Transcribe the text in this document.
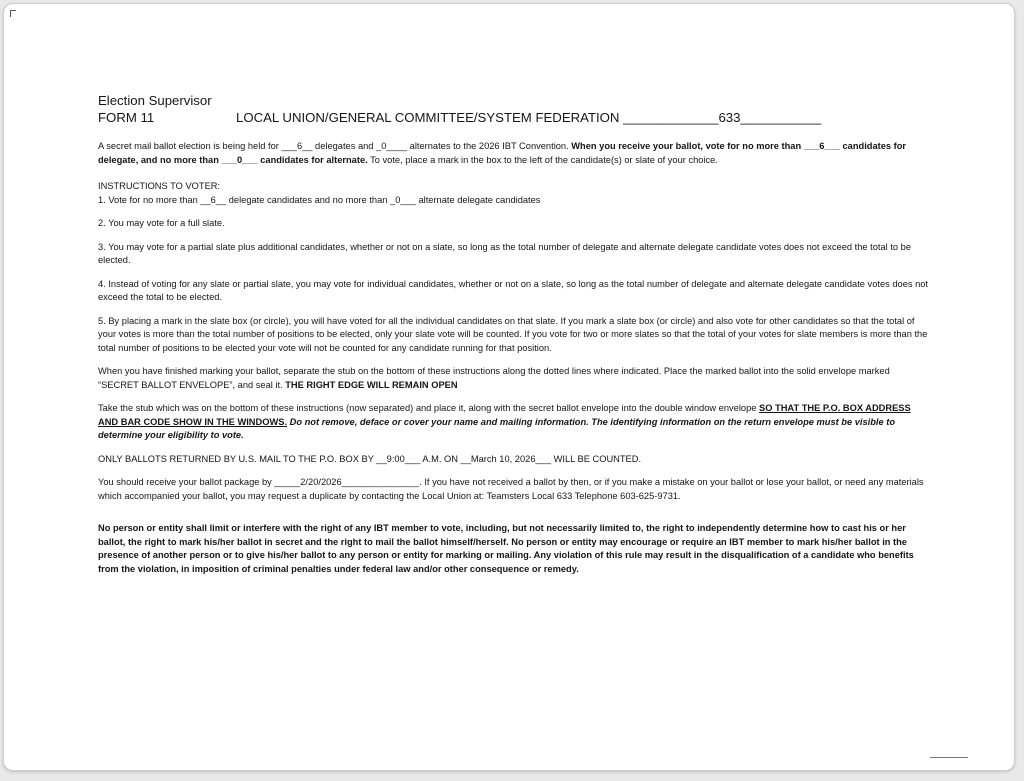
Election Supervisor
FORM 11	LOCAL UNION/GENERAL COMMITTEE/SYSTEM FEDERATION _____________633___________

A secret mail ballot election is being held for ___6__ delegates and _0____ alternates to the 2026 IBT Convention. When you receive your ballot, vote for no more than ___6___ candidates for delegate, and no more than ___0___ candidates for alternate. To vote, place a mark in the box to the left of the candidate(s) or slate of your choice.

INSTRUCTIONS TO VOTER:

1. Vote for no more than __6__ delegate candidates and no more than _0___ alternate delegate candidates

2. You may vote for a full slate.

3. You may vote for a partial slate plus additional candidates, whether or not on a slate, so long as the total number of delegate and alternate delegate candidate votes does not exceed the total to be elected.

4. Instead of voting for any slate or partial slate, you may vote for individual candidates, whether or not on a slate, so long as the total number of delegate and alternate delegate candidate votes does not exceed the total to be elected.

5. By placing a mark in the slate box (or circle), you will have voted for all the individual candidates on that slate. If you mark a slate box (or circle) and also vote for other candidates so that the total of your votes is more than the total number of positions to be elected, only your slate vote will be counted. If you vote for two or more slates so that the total of your votes for slate members is more than the total number of positions to be elected your vote will not be counted for any candidate running for that position.

When you have finished marking your ballot, separate the stub on the bottom of these instructions along the dotted lines where indicated. Place the marked ballot into the solid envelope marked “SECRET BALLOT ENVELOPE”, and seal it. THE RIGHT EDGE WILL REMAIN OPEN

Take the stub which was on the bottom of these instructions (now separated) and place it, along with the secret ballot envelope into the double window envelope SO THAT THE P.O. BOX ADDRESS AND BAR CODE SHOW IN THE WINDOWS. Do not remove, deface or cover your name and mailing information. The identifying information on the return envelope must be visible to determine your eligibility to vote.

ONLY BALLOTS RETURNED BY U.S. MAIL TO THE P.O. BOX BY __9:00___ A.M. ON __March 10, 2026___ WILL BE COUNTED.

You should receive your ballot package by _____2/20/2026_______________. If you have not received a ballot by then, or if you make a mistake on your ballot or lose your ballot, or need any materials which accompanied your ballot, you may request a duplicate by contacting the Local Union at: Teamsters Local 633 Telephone 603-625-9731.

No person or entity shall limit or interfere with the right of any IBT member to vote, including, but not necessarily limited to, the right to independently determine how to cast his or her ballot, the right to mark his/her ballot in secret and the right to mail the ballot himself/herself. No person or entity may encourage or require an IBT member to mark his/her ballot in the presence of another person or to give his/her ballot to any person or entity for marking or mailing. Any violation of this rule may result in the disqualification of a candidate who benefits from the violation, in imposition of criminal penalties under federal law and/or other consequence or remedy.
